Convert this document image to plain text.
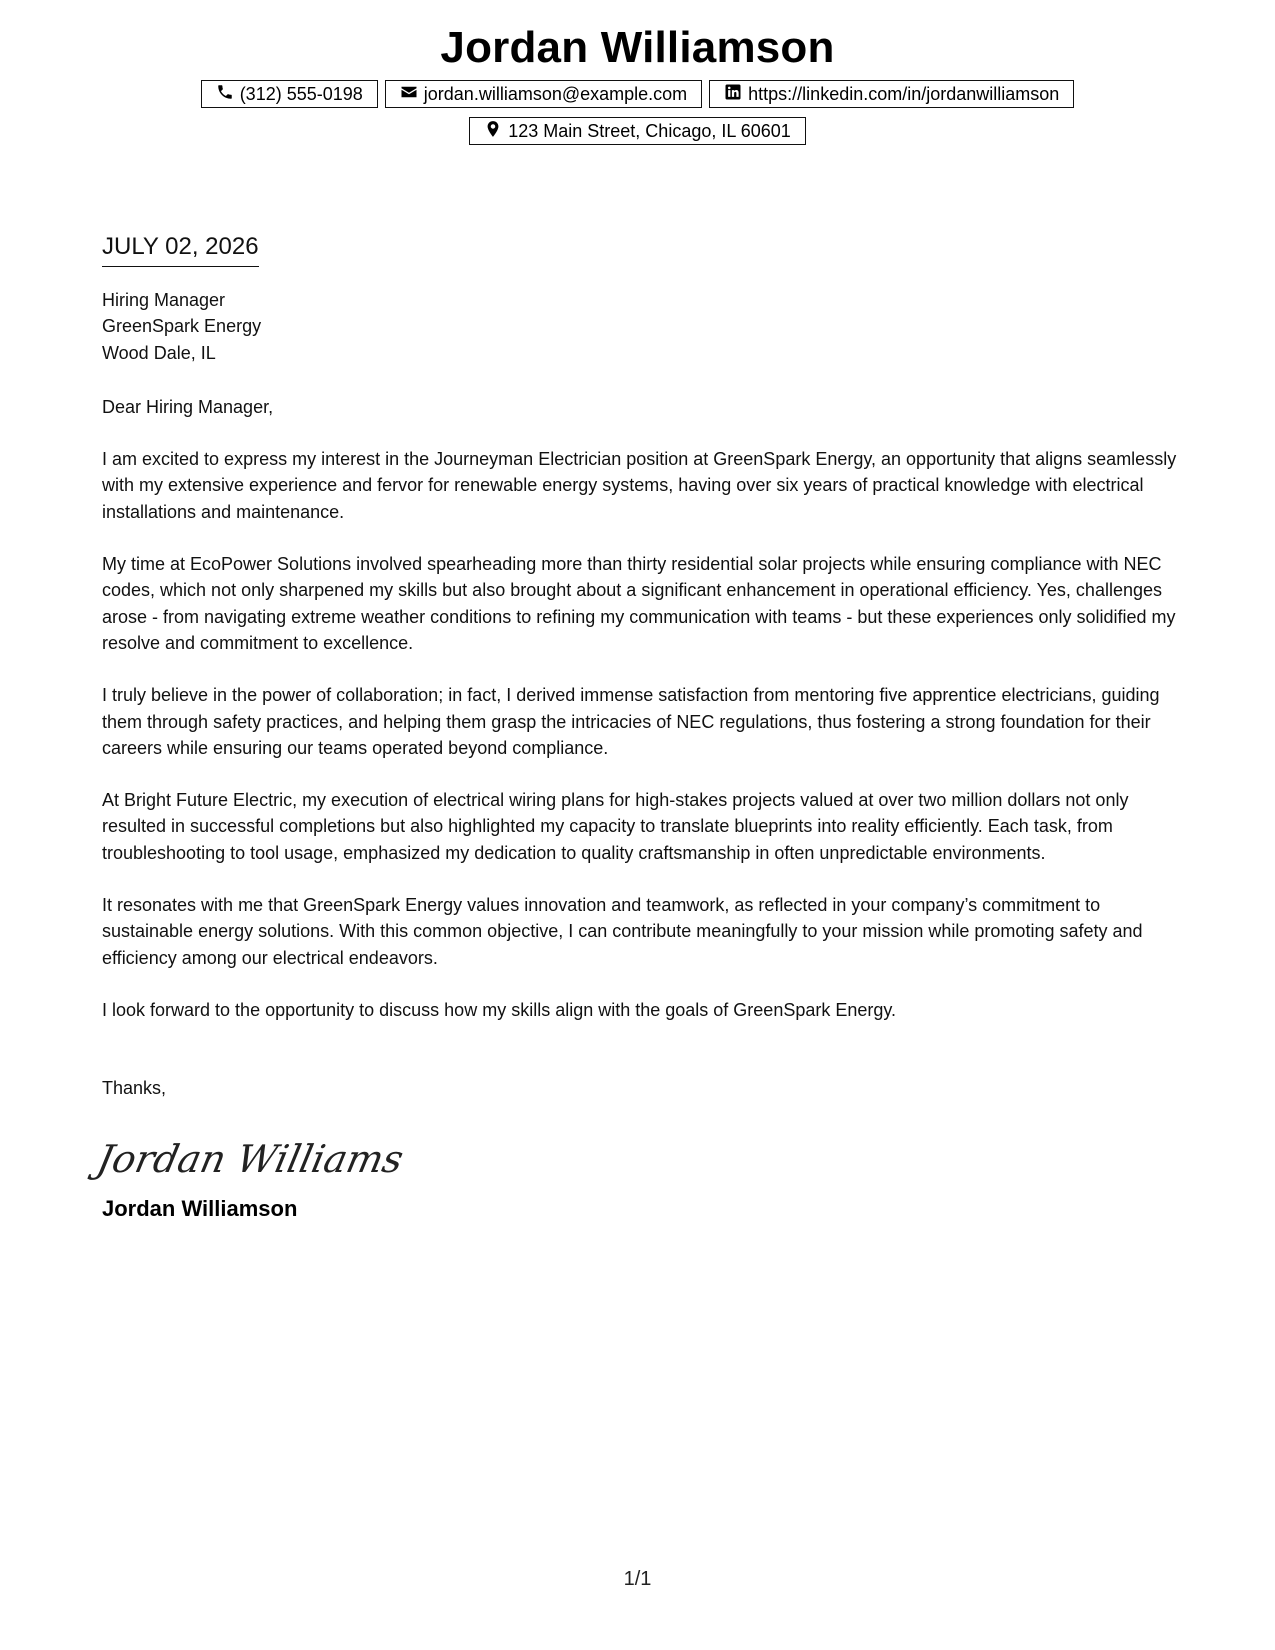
Jordan Williamson
(312) 555-0198	jordan.williamson@example.com	https://linkedin.com/in/jordanwilliamson
123 Main Street, Chicago, IL 60601
JULY 02, 2026
Hiring Manager
GreenSpark Energy
Wood Dale, IL
Dear Hiring Manager,
I am excited to express my interest in the Journeyman Electrician position at GreenSpark Energy, an opportunity that aligns seamlessly with my extensive experience and fervor for renewable energy systems, having over six years of practical knowledge with electrical installations and maintenance.
My time at EcoPower Solutions involved spearheading more than thirty residential solar projects while ensuring compliance with NEC codes, which not only sharpened my skills but also brought about a significant enhancement in operational efficiency. Yes, challenges arose - from navigating extreme weather conditions to refining my communication with teams - but these experiences only solidified my resolve and commitment to excellence.
I truly believe in the power of collaboration; in fact, I derived immense satisfaction from mentoring five apprentice electricians, guiding them through safety practices, and helping them grasp the intricacies of NEC regulations, thus fostering a strong foundation for their careers while ensuring our teams operated beyond compliance.
At Bright Future Electric, my execution of electrical wiring plans for high-stakes projects valued at over two million dollars not only resulted in successful completions but also highlighted my capacity to translate blueprints into reality efficiently. Each task, from troubleshooting to tool usage, emphasized my dedication to quality craftsmanship in often unpredictable environments.
It resonates with me that GreenSpark Energy values innovation and teamwork, as reflected in your company’s commitment to sustainable energy solutions. With this common objective, I can contribute meaningfully to your mission while promoting safety and efficiency among our electrical endeavors.
I look forward to the opportunity to discuss how my skills align with the goals of GreenSpark Energy.
Thanks,
Jordan Williams
Jordan Williamson
1/1
